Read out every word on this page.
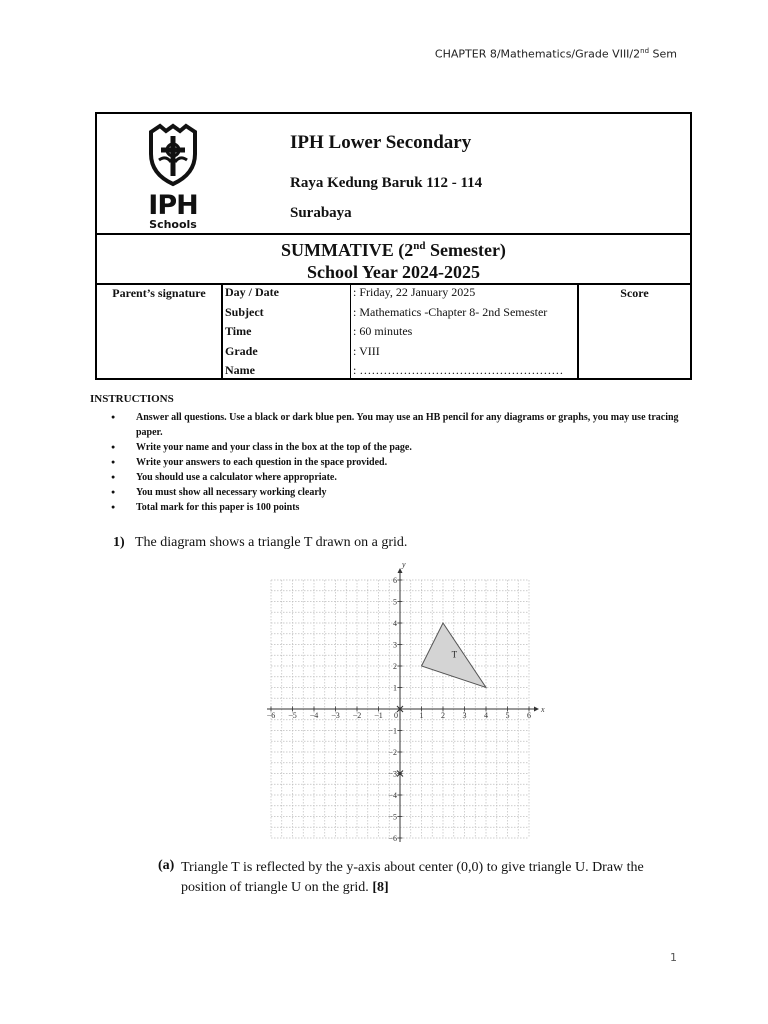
CHAPTER 8/Mathematics/Grade VIII/2nd Sem
IPH
Schools
IPH Lower Secondary
Raya Kedung Baruk 112 - 114
Surabaya
SUMMATIVE (2nd Semester)
School Year 2024-2025
Parent’s signature	Day / Date
Subject
Time
Grade
Name
: Friday, 22 January 2025
: Mathematics -Chapter 8- 2nd Semester
: 60 minutes
: VIII
: ……………………………………………
Score
INSTRUCTIONS
● Answer all questions. Use a black or dark blue pen. You may use an HB pencil for any diagrams or graphs, you may use tracing paper.
● Write your name and your class in the box at the top of the page.
● Write your answers to each question in the space provided.
● You should use a calculator where appropriate.
● You must show all necessary working clearly
● Total mark for this paper is 100 points
1) The diagram shows a triangle T drawn on a grid.
x
y
−6 −5 −4 −3 −2 −1 0	1 2 3 4 5 6
−6
−5
−4
−3
−2
−1
1
2
3
4
5
6
T
(a) Triangle T is reflected by the y-axis about center (0,0) to give triangle U. Draw the position of triangle U on the grid. [8]
1
